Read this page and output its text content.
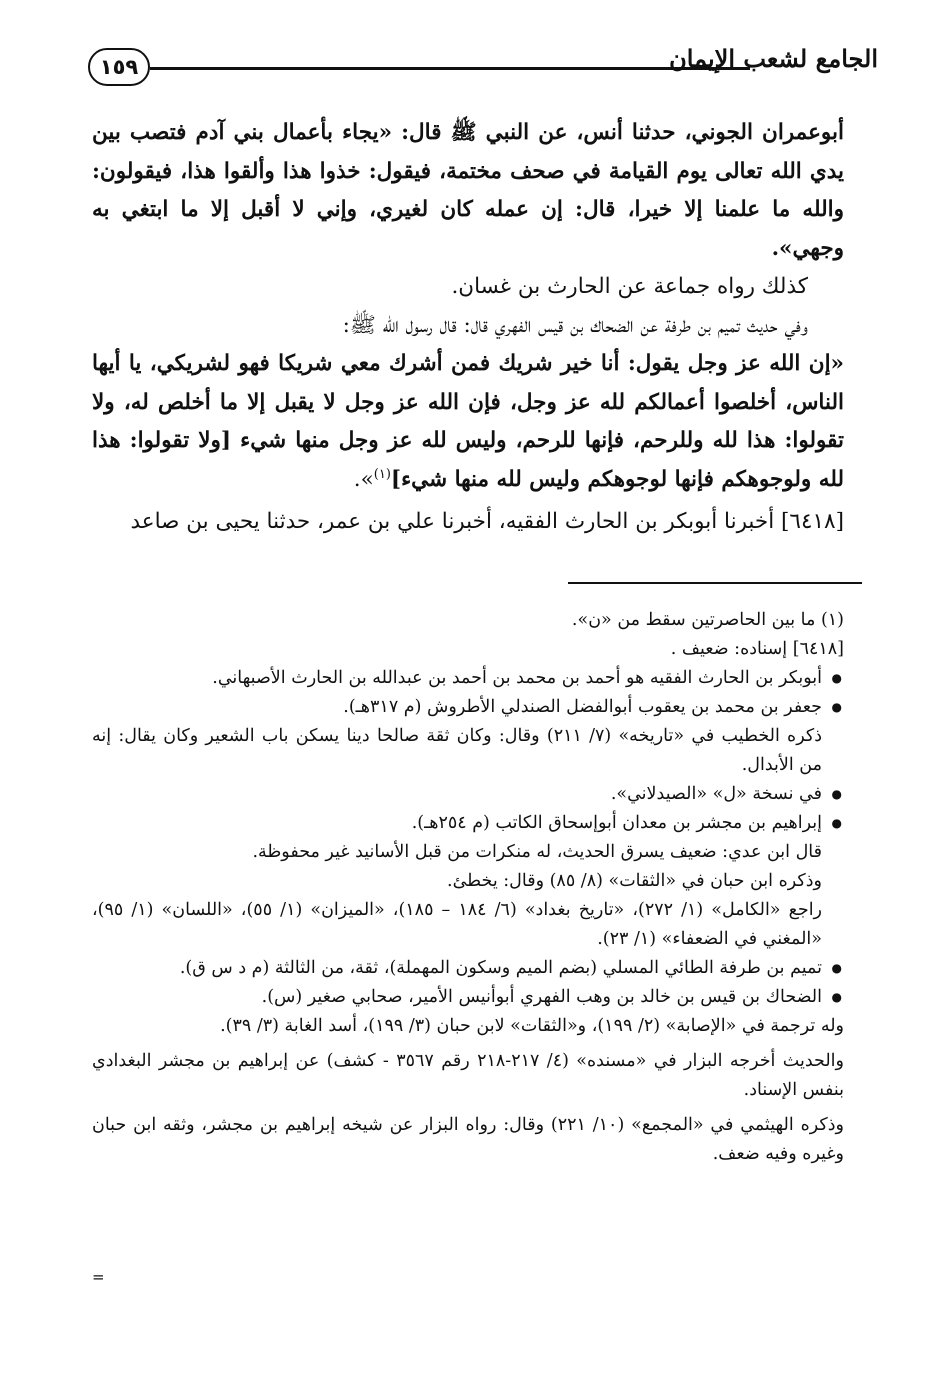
١٥٩	الجامع لشعب الإيمان

أبوعمران الجوني، حدثنا أنس، عن النبي ﷺ قال: «يجاء بأعمال بني آدم فتصب بين يدي الله تعالى يوم القيامة في صحف مختمة، فيقول: خذوا هذا وألقوا هذا، فيقولون: والله ما علمنا إلا خيرا، قال: إن عمله كان لغيري، وإني لا أقبل إلا ما ابتغي به وجهي».

كذلك رواه جماعة عن الحارث بن غسان.

وفي حديث تميم بن طرفة عن الضحاك بن قيس الفهري قال: قال رسول الله ﷺ:

«إن الله عز وجل يقول: أنا خير شريك فمن أشرك معي شريكا فهو لشريكي، يا أيها الناس، أخلصوا أعمالكم لله عز وجل، فإن الله عز وجل لا يقبل إلا ما أخلص له، ولا تقولوا: هذا لله وللرحم، فإنها للرحم، وليس لله عز وجل منها شيء [ولا تقولوا: هذا لله ولوجوهكم فإنها لوجوهكم وليس لله منها شيء]$^{(١)}$».

[٦٤١٨] أخبرنا أبوبكر بن الحارث الفقيه، أخبرنا علي بن عمر، حدثنا يحيى بن صاعد

(١) ما بين الحاصرتين سقط من «ن».

[٦٤١٨] إسناده: ضعيف .

● أبوبكر بن الحارث الفقيه هو أحمد بن محمد بن أحمد بن عبدالله بن الحارث الأصبهاني.
● جعفر بن محمد بن يعقوب أبوالفضل الصندلي الأطروش (م ٣١٧هـ).

ذكره الخطيب في «تاريخه» (٧/ ٢١١) وقال: وكان ثقة صالحا دينا يسكن باب الشعير وكان يقال: إنه من الأبدال.

● في نسخة «ل» «الصيدلاني».
● إبراهيم بن مجشر بن معدان أبوإسحاق الكاتب (م ٢٥٤هـ).

قال ابن عدي: ضعيف يسرق الحديث، له منكرات من قبل الأسانيد غير محفوظة.

وذكره ابن حبان في «الثقات» (٨/ ٨٥) وقال: يخطئ.

راجع «الكامل» (١/ ٢٧٢)، «تاريخ بغداد» (٦/ ١٨٤ – ١٨٥)، «الميزان» (١/ ٥٥)، «اللسان» (١/ ٩٥)، «المغني في الضعفاء» (١/ ٢٣).

● تميم بن طرفة الطائي المسلي (بضم الميم وسكون المهملة)، ثقة، من الثالثة (م د س ق).
● الضحاك بن قيس بن خالد بن وهب الفهري أبوأنيس الأمير، صحابي صغير (س).

وله ترجمة في «الإصابة» (٢/ ١٩٩)، و«الثقات» لابن حبان (٣/ ١٩٩)، أسد الغابة (٣/ ٣٩).

والحديث أخرجه البزار في «مسنده» (٤/ ٢١٧-٢١٨ رقم ٣٥٦٧ - كشف) عن إبراهيم بن مجشر البغدادي بنفس الإسناد.

وذكره الهيثمي في «المجمع» (١٠/ ٢٢١) وقال: رواه البزار عن شيخه إبراهيم بن مجشر، وثقه ابن حبان وغيره وفيه ضعف.

=
